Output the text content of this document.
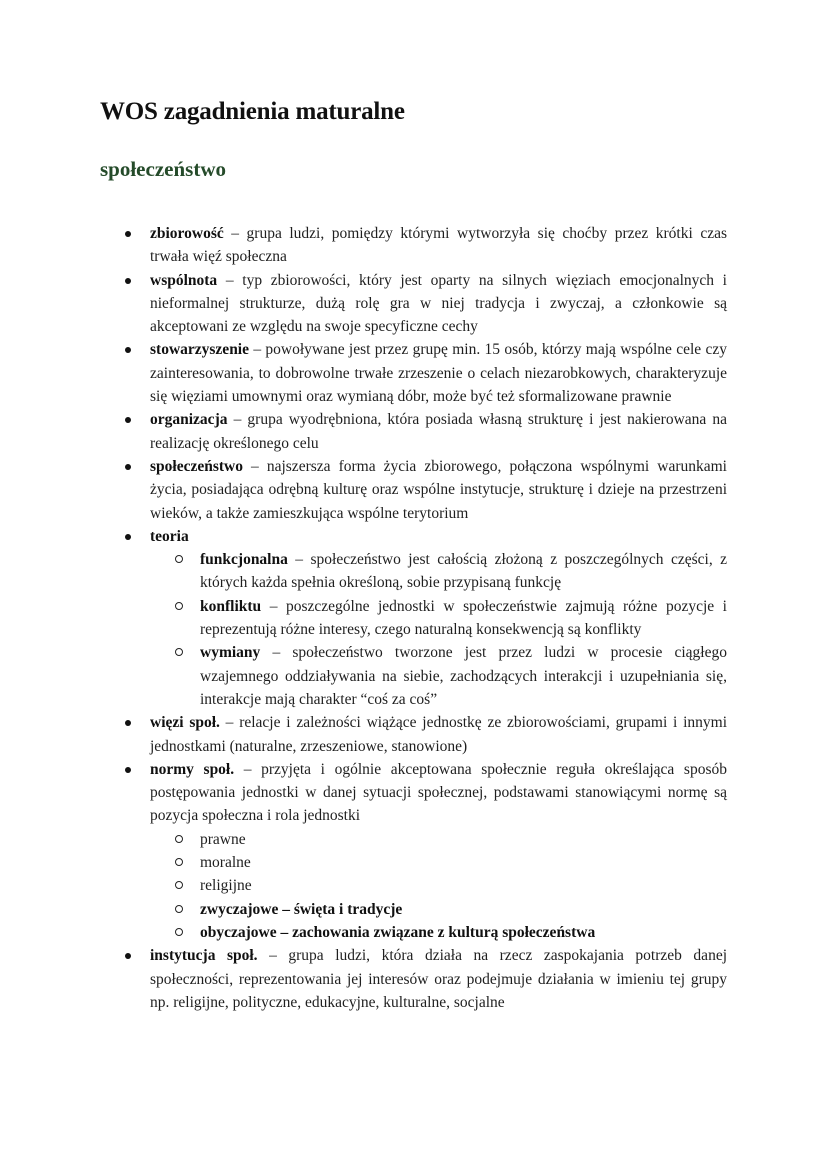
WOS zagadnienia maturalne
społeczeństwo
zbiorowość – grupa ludzi, pomiędzy którymi wytworzyła się choćby przez krótki czas trwała więź społeczna
wspólnota – typ zbiorowości, który jest oparty na silnych więziach emocjonalnych i nieformalnej strukturze, dużą rolę gra w niej tradycja i zwyczaj, a członkowie są akceptowani ze względu na swoje specyficzne cechy
stowarzyszenie – powoływane jest przez grupę min. 15 osób, którzy mają wspólne cele czy zainteresowania, to dobrowolne trwałe zrzeszenie o celach niezarobkowych, charakteryzuje się więziami umownymi oraz wymianą dóbr, może być też sformalizowane prawnie
organizacja – grupa wyodrębniona, która posiada własną strukturę i jest nakierowana na realizację określonego celu
społeczeństwo – najszersza forma życia zbiorowego, połączona wspólnymi warunkami życia, posiadająca odrębną kulturę oraz wspólne instytucje, strukturę i dzieje na przestrzeni wieków, a także zamieszkująca wspólne terytorium
teoria
funkcjonalna – społeczeństwo jest całością złożoną z poszczególnych części, z których każda spełnia określoną, sobie przypisaną funkcję
konfliktu – poszczególne jednostki w społeczeństwie zajmują różne pozycje i reprezentują różne interesy, czego naturalną konsekwencją są konflikty
wymiany – społeczeństwo tworzone jest przez ludzi w procesie ciągłego wzajemnego oddziaływania na siebie, zachodzących interakcji i uzupełniania się, interakcje mają charakter “coś za coś”
więzi społ. – relacje i zależności wiążące jednostkę ze zbiorowościami, grupami i innymi jednostkami (naturalne, zrzeszeniowe, stanowione)
normy społ. – przyjęta i ogólnie akceptowana społecznie reguła określająca sposób postępowania jednostki w danej sytuacji społecznej, podstawami stanowiącymi normę są pozycja społeczna i rola jednostki
prawne
moralne
religijne
zwyczajowe – święta i tradycje
obyczajowe – zachowania związane z kulturą społeczeństwa
instytucja społ. – grupa ludzi, która działa na rzecz zaspokajania potrzeb danej społeczności, reprezentowania jej interesów oraz podejmuje działania w imieniu tej grupy np. religijne, polityczne, edukacyjne, kulturalne, socjalne
